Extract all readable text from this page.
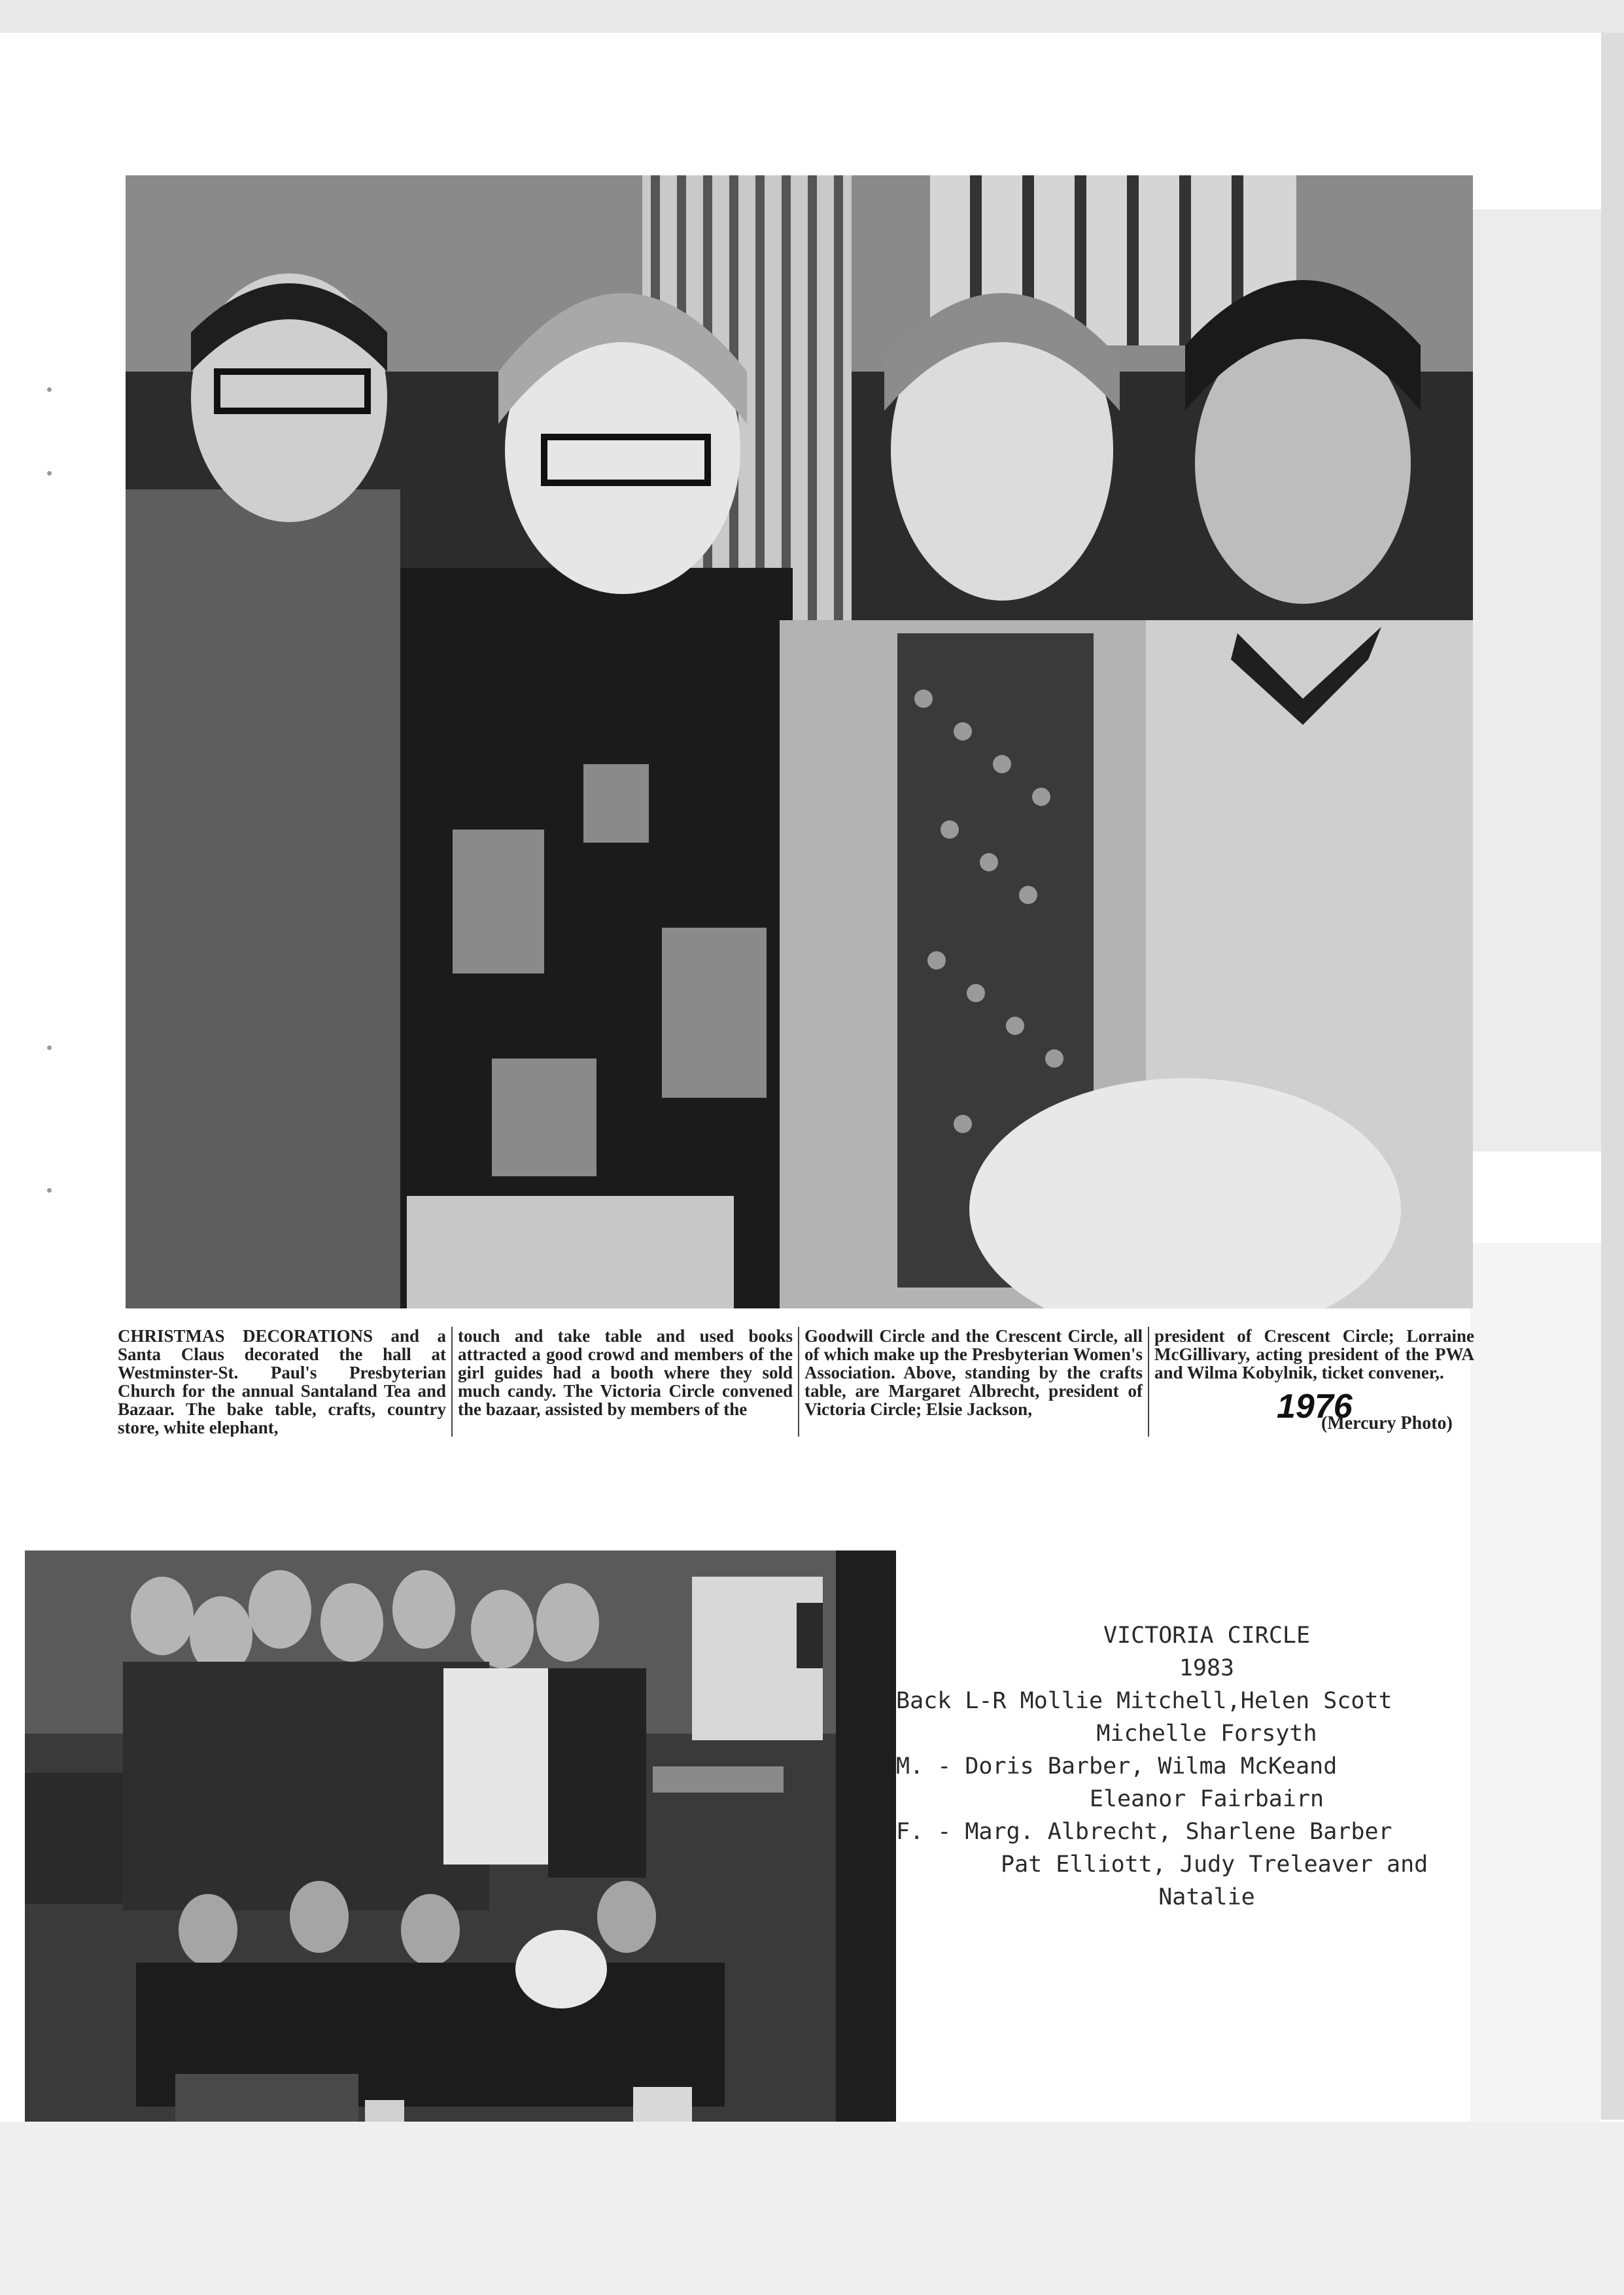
CHRISTMAS DECORATIONS and a Santa Claus decorated the hall at Westminster-St. Paul's Presbyterian Church for the annual Santaland Tea and Bazaar. The bake table, crafts, country store, white elephant,
touch and take table and used books attracted a good crowd and members of the girl guides had a booth where they sold much candy. The Victoria Circle convened the bazaar, assisted by members of the
Goodwill Circle and the Crescent Circle, all of which make up the Presbyterian Women's Association. Above, standing by the crafts table, are Margaret Albrecht, president of Victoria Circle; Elsie Jackson,
president of Crescent Circle; Lorraine McGillivary, acting president of the PWA and Wilma Kobylnik, ticket convener,.
1976
(Mercury Photo)
VICTORIA CIRCLE
1983
Back L-R Mollie Mitchell,Helen Scott
Michelle Forsyth
M. - Doris Barber, Wilma McKeand
Eleanor Fairbairn
F. - Marg. Albrecht, Sharlene Barber
Pat Elliott, Judy Treleaver and
Natalie
